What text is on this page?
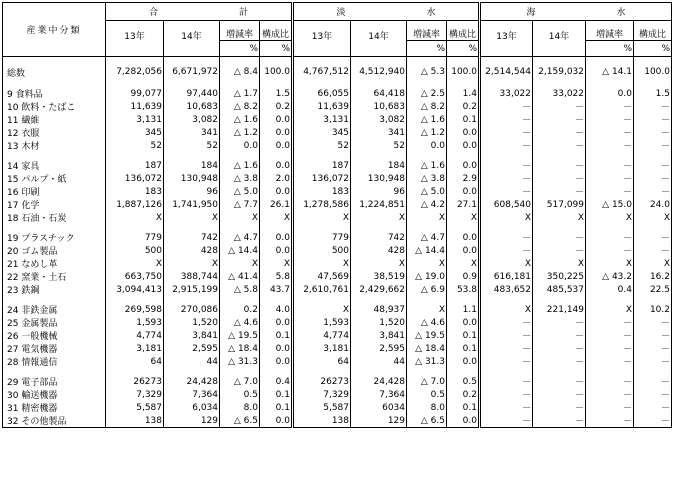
産業中分類	合 計				淡 水				海 水			
	13年	14年	増減率	構成比	13年	14年	増減率	構成比	13年	14年	増減率	構成比
			%	%			%	%			%	%

総数	7,282,056	6,671,972	△ 8.4	100.0	4,767,512	4,512,940	△ 5.3	100.0	2,514,544	2,159,032	△ 14.1	100.0

9 食料品	99,077	97,440	△ 1.7	1.5	66,055	64,418	△ 2.5	1.4	33,022	33,022	0.0	1.5
10 飲料・たばこ	11,639	10,683	△ 8.2	0.2	11,639	10,683	△ 8.2	0.2	－	－	－	－
11 繊維	3,131	3,082	△ 1.6	0.0	3,131	3,082	△ 1.6	0.1	－	－	－	－
12 衣服	345	341	△ 1.2	0.0	345	341	△ 1.2	0.0	－	－	－	－
13 木材	52	52	0.0	0.0	52	52	0.0	0.0	－	－	－	－

14 家具	187	184	△ 1.6	0.0	187	184	△ 1.6	0.0	－	－	－	－
15 パルプ・紙	136,072	130,948	△ 3.8	2.0	136,072	130,948	△ 3.8	2.9	－	－	－	－
16 印刷	183	96	△ 5.0	0.0	183	96	△ 5.0	0.0	－	－	－	－
17 化学	1,887,126	1,741,950	△ 7.7	26.1	1,278,586	1,224,851	△ 4.2	27.1	608,540	517,099	△ 15.0	24.0
18 石油・石炭	X	X	X	X	X	X	X	X	X	X	X	X

19 プラスチック	779	742	△ 4.7	0.0	779	742	△ 4.7	0.0	－	－	－	－
20 ゴム製品	500	428	△ 14.4	0.0	500	428	△ 14.4	0.0	－	－	－	－
21 なめし革	X	X	X	X	X	X	X	X	X	X	X	X
22 窯業・土石	663,750	388,744	△ 41.4	5.8	47,569	38,519	△ 19.0	0.9	616,181	350,225	△ 43.2	16.2
23 鉄鋼	3,094,413	2,915,199	△ 5.8	43.7	2,610,761	2,429,662	△ 6.9	53.8	483,652	485,537	0.4	22.5

24 非鉄金属	269,598	270,086	0.2	4.0	X	48,937	X	1.1	X	221,149	X	10.2
25 金属製品	1,593	1,520	△ 4.6	0.0	1,593	1,520	△ 4.6	0.0	－	－	－	－
26 一般機械	4,774	3,841	△ 19.5	0.1	4,774	3,841	△ 19.5	0.1	－	－	－	－
27 電気機器	3,181	2,595	△ 18.4	0.0	3,181	2,595	△ 18.4	0.1	－	－	－	－
28 情報通信	64	44	△ 31.3	0.0	64	44	△ 31.3	0.0	－	－	－	－

29 電子部品	26273	24,428	△ 7.0	0.4	26273	24,428	△ 7.0	0.5	－	－	－	－
30 輸送機器	7,329	7,364	0.5	0.1	7,329	7,364	0.5	0.2	－	－	－	－
31 精密機器	5,587	6,034	8.0	0.1	5,587	6034	8.0	0.1	－	－	－	－
32 その他製品	138	129	△ 6.5	0.0	138	129	△ 6.5	0.0	－	－	－	－
